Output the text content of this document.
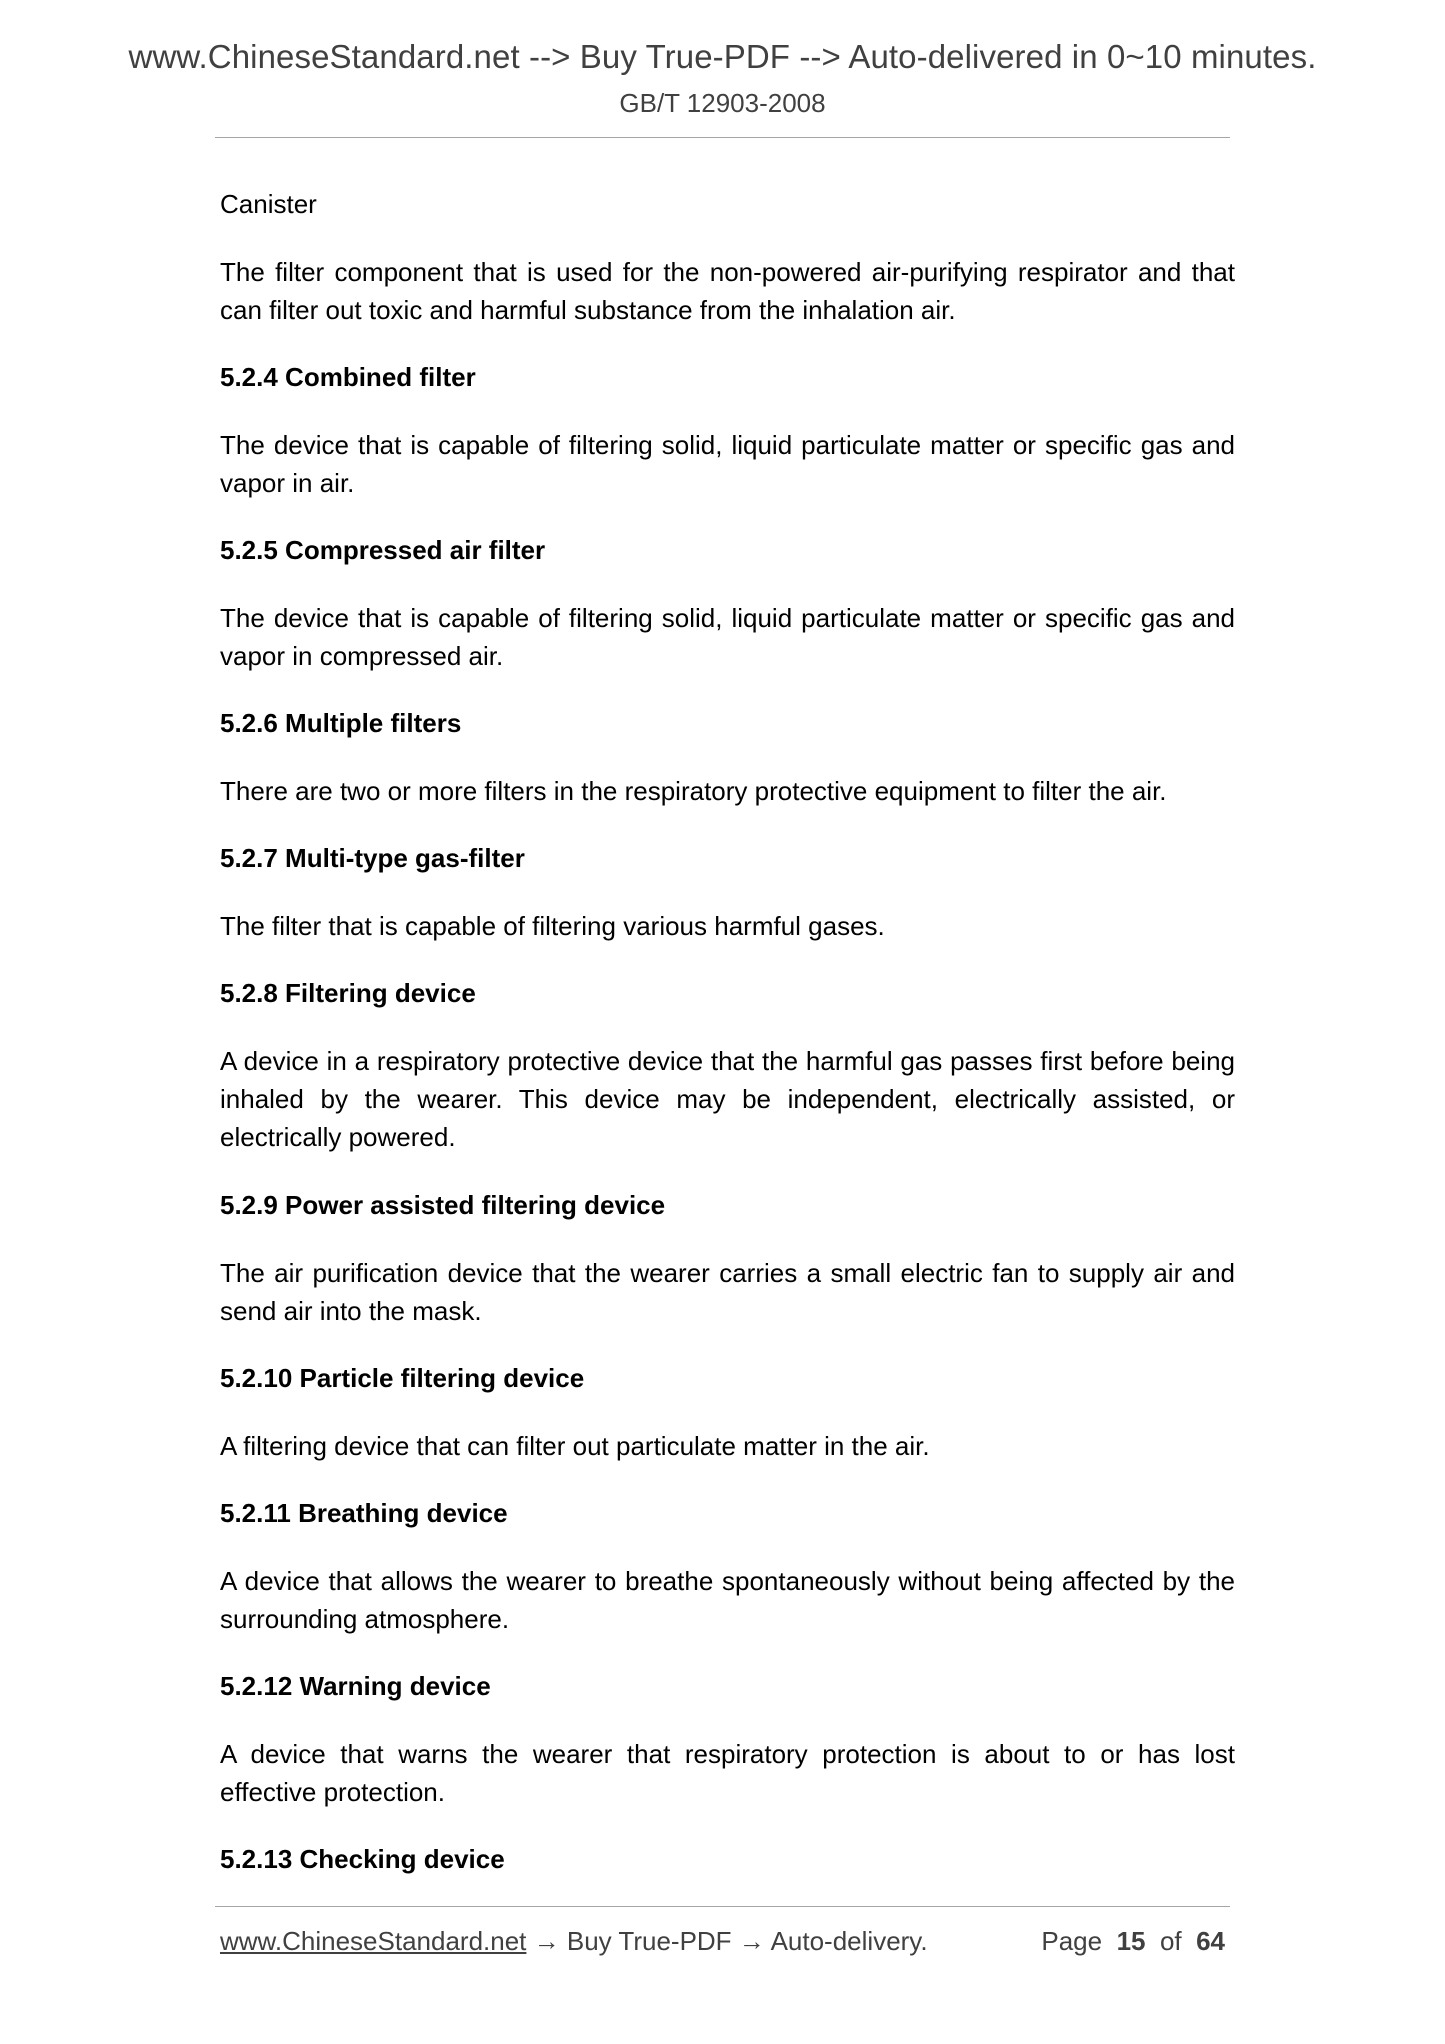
www.ChineseStandard.net --> Buy True-PDF --> Auto-delivered in 0~10 minutes.
GB/T 12903-2008

Canister

The filter component that is used for the non-powered air-purifying respirator and that can filter out toxic and harmful substance from the inhalation air.

5.2.4 Combined filter

The device that is capable of filtering solid, liquid particulate matter or specific gas and vapor in air.

5.2.5 Compressed air filter

The device that is capable of filtering solid, liquid particulate matter or specific gas and vapor in compressed air.

5.2.6 Multiple filters

There are two or more filters in the respiratory protective equipment to filter the air.

5.2.7 Multi-type gas-filter

The filter that is capable of filtering various harmful gases.

5.2.8 Filtering device

A device in a respiratory protective device that the harmful gas passes first before being inhaled by the wearer. This device may be independent, electrically assisted, or electrically powered.

5.2.9 Power assisted filtering device

The air purification device that the wearer carries a small electric fan to supply air and send air into the mask.

5.2.10 Particle filtering device

A filtering device that can filter out particulate matter in the air.

5.2.11 Breathing device

A device that allows the wearer to breathe spontaneously without being affected by the surrounding atmosphere.

5.2.12 Warning device

A device that warns the wearer that respiratory protection is about to or has lost effective protection.

5.2.13 Checking device

www.ChineseStandard.net → Buy True-PDF → Auto-delivery.	Page 15 of 64
